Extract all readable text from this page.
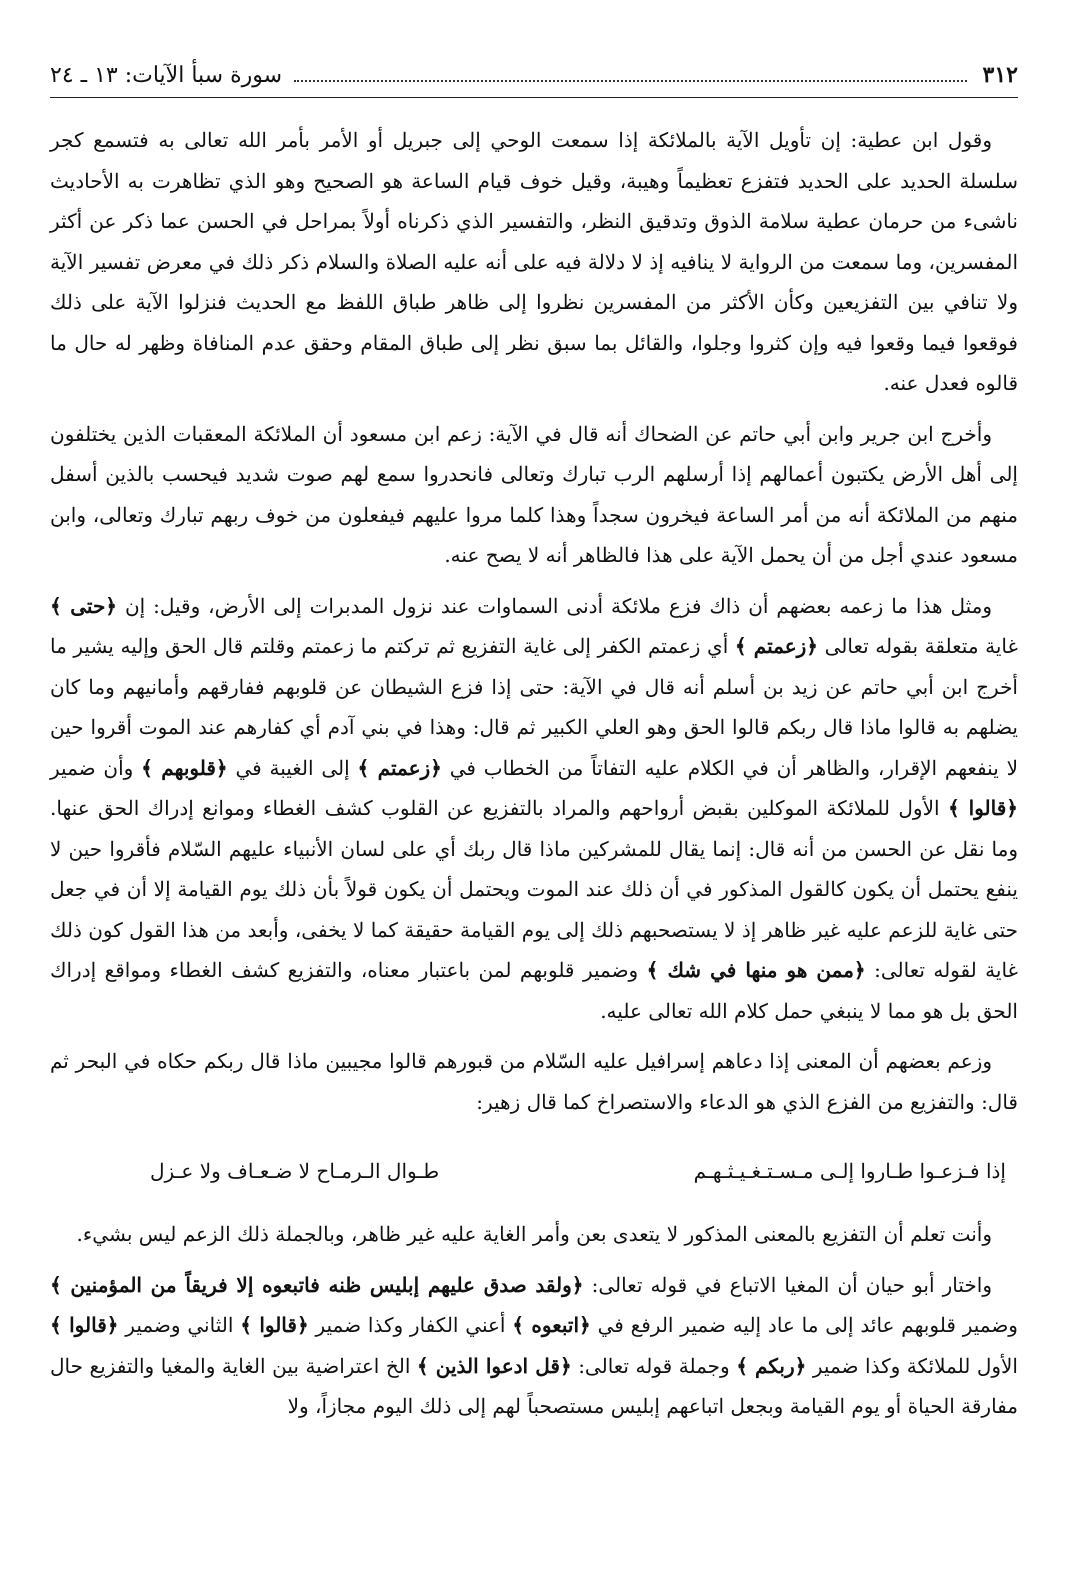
٣١٢
سورة سبأ الآيات: ١٣ ـ ٢٤

وقول ابن عطية: إن تأويل الآية بالملائكة إذا سمعت الوحي إلى جبريل أو الأمر بأمر الله تعالى به فتسمع كجر سلسلة الحديد على الحديد فتفزع تعظيماً وهيبة، وقيل خوف قيام الساعة هو الصحيح وهو الذي تظاهرت به الأحاديث ناشىء من حرمان عطية سلامة الذوق وتدقيق النظر، والتفسير الذي ذكرناه أولاً بمراحل في الحسن عما ذكر عن أكثر المفسرين، وما سمعت من الرواية لا ينافيه إذ لا دلالة فيه على أنه عليه الصلاة والسلام ذكر ذلك في معرض تفسير الآية ولا تنافي بين التفزيعين وكأن الأكثر من المفسرين نظروا إلى ظاهر طباق اللفظ مع الحديث فنزلوا الآية على ذلك فوقعوا فيما وقعوا فيه وإن كثروا وجلوا، والقائل بما سبق نظر إلى طباق المقام وحقق عدم المنافاة وظهر له حال ما قالوه فعدل عنه.

وأخرج ابن جرير وابن أبي حاتم عن الضحاك أنه قال في الآية: زعم ابن مسعود أن الملائكة المعقبات الذين يختلفون إلى أهل الأرض يكتبون أعمالهم إذا أرسلهم الرب تبارك وتعالى فانحدروا سمع لهم صوت شديد فيحسب بالذين أسفل منهم من الملائكة أنه من أمر الساعة فيخرون سجداً وهذا كلما مروا عليهم فيفعلون من خوف ربهم تبارك وتعالى، وابن مسعود عندي أجل من أن يحمل الآية على هذا فالظاهر أنه لا يصح عنه.

ومثل هذا ما زعمه بعضهم أن ذاك فزع ملائكة أدنى السماوات عند نزول المدبرات إلى الأرض، وقيل: إن ﴿حتى ﴾ غاية متعلقة بقوله تعالى ﴿زعمتم ﴾ أي زعمتم الكفر إلى غاية التفزيع ثم تركتم ما زعمتم وقلتم قال الحق وإليه يشير ما أخرج ابن أبي حاتم عن زيد بن أسلم أنه قال في الآية: حتى إذا فزع الشيطان عن قلوبهم ففارقهم وأمانيهم وما كان يضلهم به قالوا ماذا قال ربكم قالوا الحق وهو العلي الكبير ثم قال: وهذا في بني آدم أي كفارهم عند الموت أقروا حين لا ينفعهم الإقرار، والظاهر أن في الكلام عليه التفاتاً من الخطاب في ﴿زعمتم ﴾ إلى الغيبة في ﴿قلوبهم ﴾ وأن ضمير ﴿قالوا ﴾ الأول للملائكة الموكلين بقبض أرواحهم والمراد بالتفزيع عن القلوب كشف الغطاء وموانع إدراك الحق عنها. وما نقل عن الحسن من أنه قال: إنما يقال للمشركين ماذا قال ربك أي على لسان الأنبياء عليهم السّلام فأقروا حين لا ينفع يحتمل أن يكون كالقول المذكور في أن ذلك عند الموت ويحتمل أن يكون قولاً بأن ذلك يوم القيامة إلا أن في جعل حتى غاية للزعم عليه غير ظاهر إذ لا يستصحبهم ذلك إلى يوم القيامة حقيقة كما لا يخفى، وأبعد من هذا القول كون ذلك غاية لقوله تعالى: ﴿ممن هو منها في شك ﴾ وضمير قلوبهم لمن باعتبار معناه، والتفزيع كشف الغطاء ومواقع إدراك الحق بل هو مما لا ينبغي حمل كلام الله تعالى عليه.

وزعم بعضهم أن المعنى إذا دعاهم إسرافيل عليه السّلام من قبورهم قالوا مجيبين ماذا قال ربكم حكاه في البحر ثم قال: والتفزيع من الفزع الذي هو الدعاء والاستصراخ كما قال زهير:

إذا فـزعـوا طـاروا إلـى مـسـتـغـيـثـهـم
طـوال الـرمـاح لا ضـعـاف ولا عـزل

وأنت تعلم أن التفزيع بالمعنى المذكور لا يتعدى بعن وأمر الغاية عليه غير ظاهر، وبالجملة ذلك الزعم ليس بشيء.

واختار أبو حيان أن المغيا الاتباع في قوله تعالى: ﴿ولقد صدق عليهم إبليس ظنه فاتبعوه إلا فريقاً من المؤمنين ﴾ وضمير قلوبهم عائد إلى ما عاد إليه ضمير الرفع في ﴿اتبعوه ﴾ أعني الكفار وكذا ضمير ﴿قالوا ﴾ الثاني وضمير ﴿قالوا ﴾ الأول للملائكة وكذا ضمير ﴿ربكم ﴾ وجملة قوله تعالى: ﴿قل ادعوا الذين ﴾ الخ اعتراضية بين الغاية والمغيا والتفزيع حال مفارقة الحياة أو يوم القيامة وبجعل اتباعهم إبليس مستصحباً لهم إلى ذلك اليوم مجازاً، ولا
